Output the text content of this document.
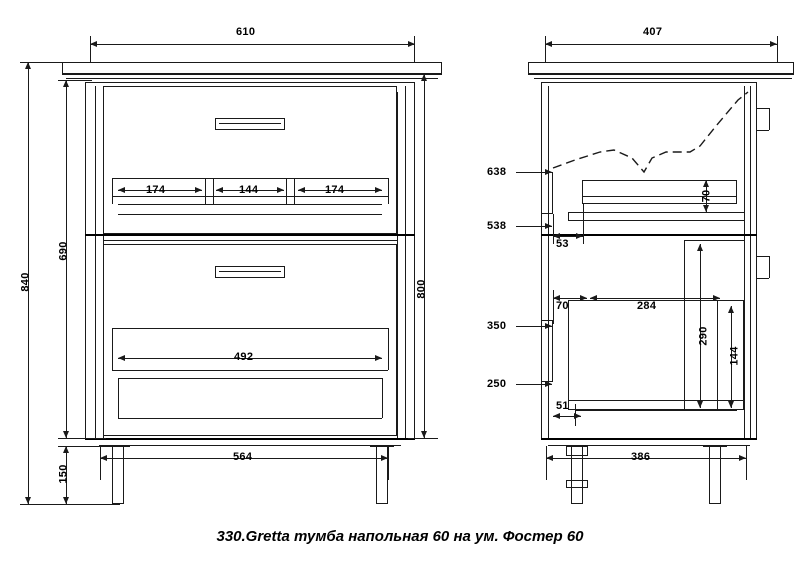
610
174	144	174
492
840
690
150
800
564
407
638
538
350
250
70
53
70	284
290
144
51
386
330.Gretta тумба напольная 60 на ум. Фостер 60
